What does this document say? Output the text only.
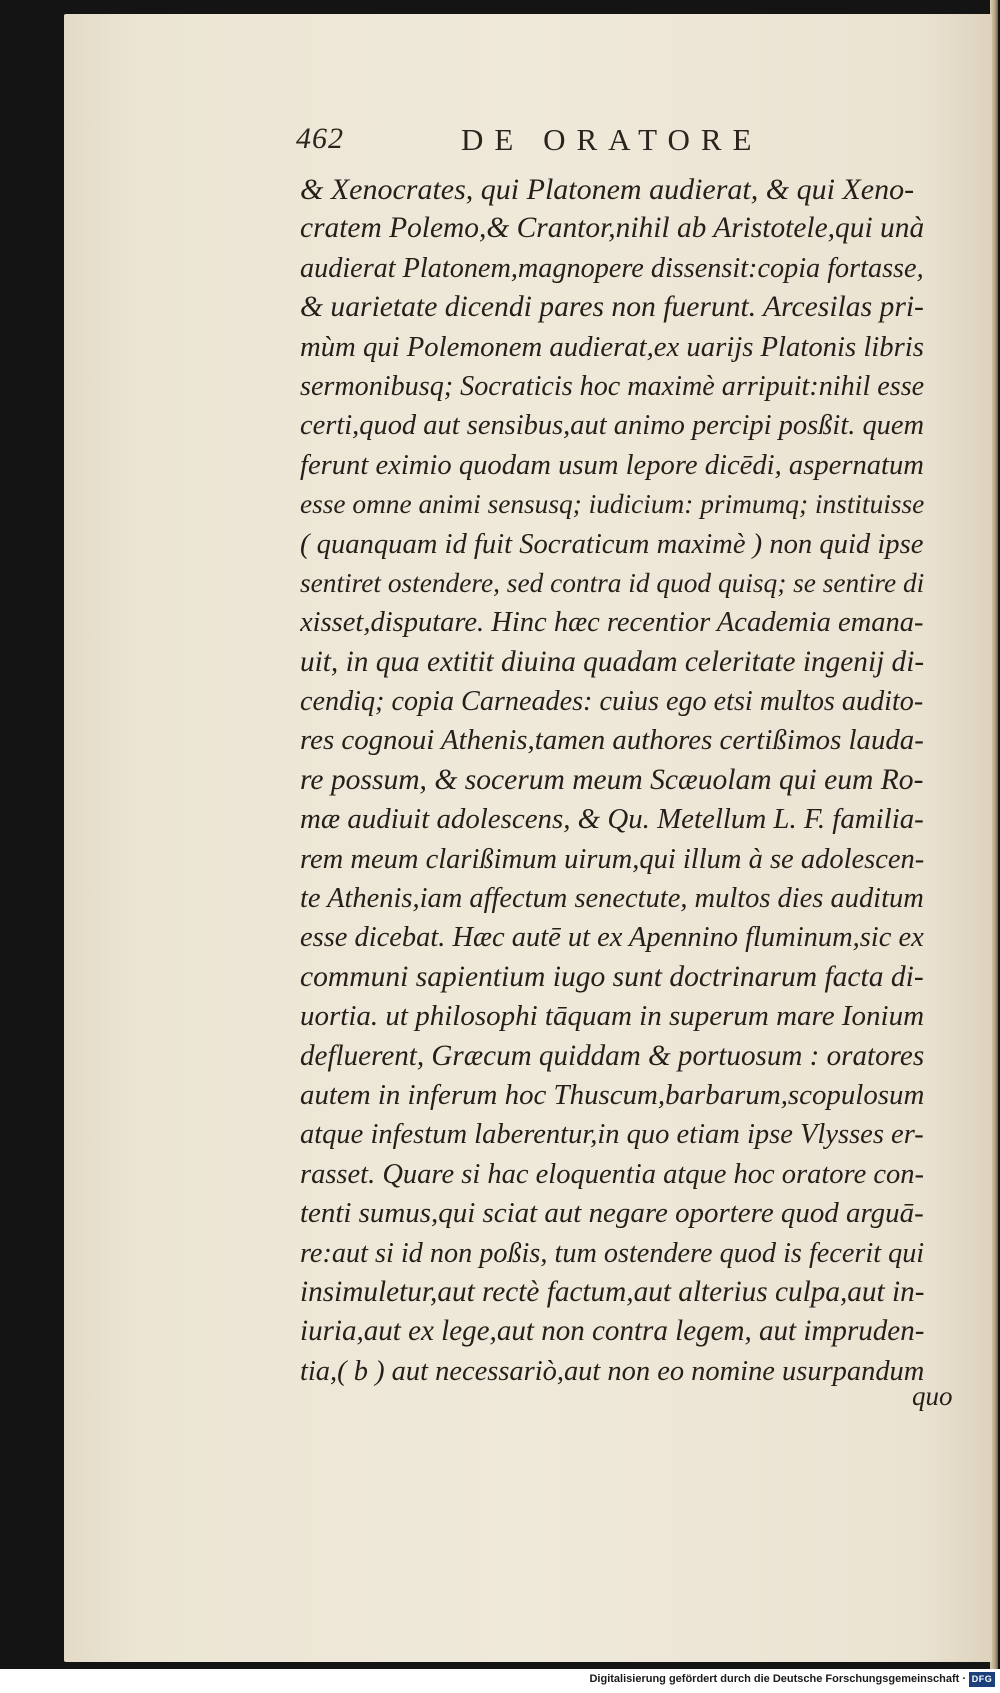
462	DE ORATORE
& Xenocrates, qui Platonem audierat, & qui Xeno-
cratem Polemo,& Crantor,nihil ab Aristotele,qui unà
audierat Platonem,magnopere dissensit:copia fortasse,
& uarietate dicendi pares non fuerunt. Arcesilas pri-
mùm qui Polemonem audierat,ex uarijs Platonis libris
sermonibusq; Socraticis hoc maximè arripuit:nihil esse
certi,quod aut sensibus,aut animo percipi posßit. quem
ferunt eximio quodam usum lepore dicēdi, aspernatum
esse omne animi sensusq; iudicium: primumq; instituisse
( quanquam id fuit Socraticum maximè ) non quid ipse
sentiret ostendere, sed contra id quod quisq; se sentire di
xisset,disputare. Hinc hæc recentior Academia emana-
uit, in qua extitit diuina quadam celeritate ingenij di-
cendiq; copia Carneades: cuius ego etsi multos audito-
res cognoui Athenis,tamen authores certißimos lauda-
re possum, & socerum meum Scæuolam qui eum Ro-
mæ audiuit adolescens, & Qu. Metellum L. F. familia-
rem meum clarißimum uirum,qui illum à se adolescen-
te Athenis,iam affectum senectute, multos dies auditum
esse dicebat. Hæc autē ut ex Apennino fluminum,sic ex
communi sapientium iugo sunt doctrinarum facta di-
uortia. ut philosophi tāquam in superum mare Ionium
defluerent, Græcum quiddam & portuosum : oratores
autem in inferum hoc Thuscum,barbarum,scopulosum
atque infestum laberentur,in quo etiam ipse Vlysses er-
rasset. Quare si hac eloquentia atque hoc oratore con-
tenti sumus,qui sciat aut negare oportere quod arguā-
re:aut si id non poßis, tum ostendere quod is fecerit qui
insimuletur,aut rectè factum,aut alterius culpa,aut in-
iuria,aut ex lege,aut non contra legem, aut impruden-
tia,( b ) aut necessariò,aut non eo nomine usurpandum
quo
Digitalisierung gefördert durch die Deutsche Forschungsgemeinschaft · DFG
